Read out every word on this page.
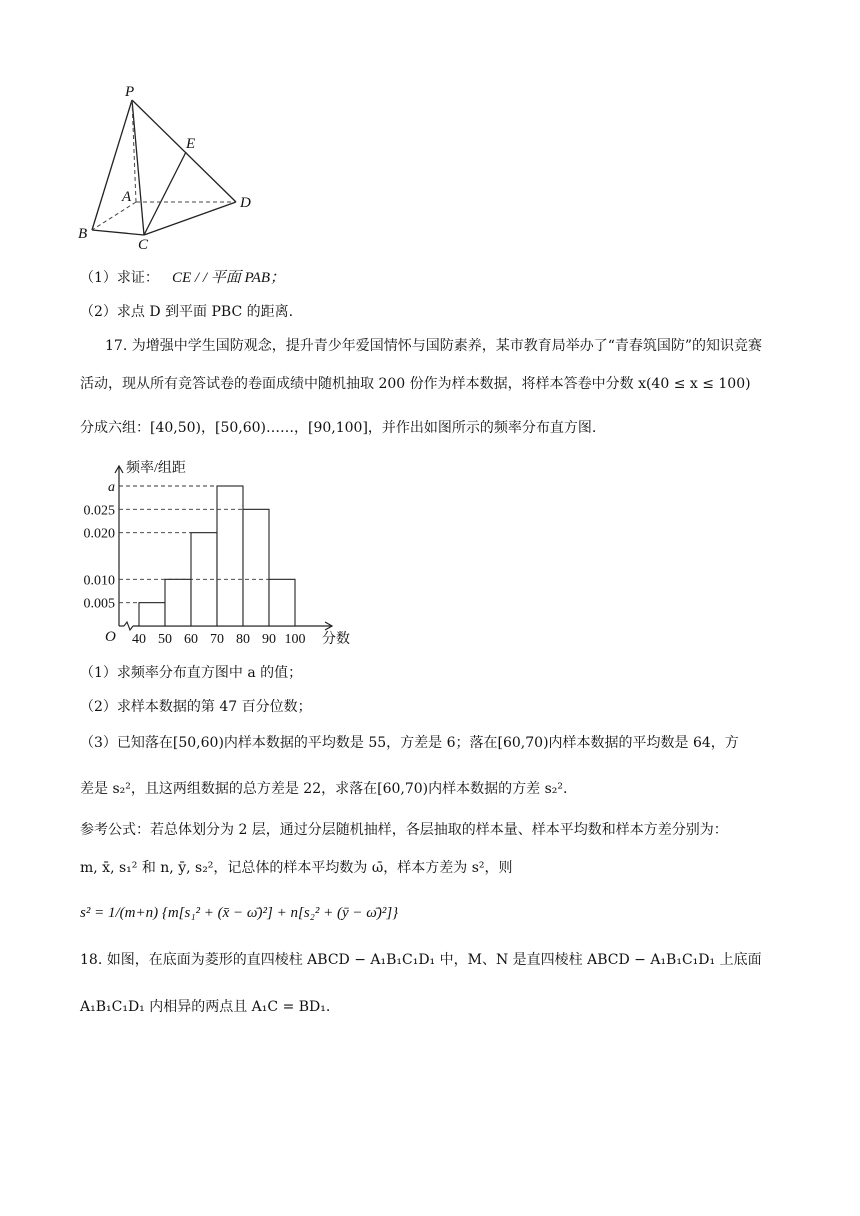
P
E
A	D
B
C
（1）求证： CE / / 平面 PAB；
（2）求点 D 到平面 PBC 的距离.
17. 为增强中学生国防观念，提升青少年爱国情怀与国防素养，某市教育局举办了“青春筑国防”的知识竞赛
活动，现从所有竞答试卷的卷面成绩中随机抽取 200 份作为样本数据，将样本答卷中分数 x(40 ≤ x ≤ 100)
分成六组：[40,50)，[50,60)……，[90,100]，并作出如图所示的频率分布直方图.
a
0.025
0.020
0.010
0.005
40 50 60 70 80 90 100
O
频率/组距
分数
（1）求频率分布直方图中 a 的值；
（2）求样本数据的第 47 百分位数；
（3）已知落在[50,60)内样本数据的平均数是 55，方差是 6；落在[60,70)内样本数据的平均数是 64，方
差是 s₂²，且这两组数据的总方差是 22，求落在[60,70)内样本数据的方差 s₂².
参考公式：若总体划分为 2 层，通过分层随机抽样，各层抽取的样本量、样本平均数和样本方差分别为：
m, x̄, s₁² 和 n, ȳ, s₂²，记总体的样本平均数为 ω̄，样本方差为 s²，则
s² = 1/(m+n) {m[s₁² + (x̄ − ω̄)²] + n[s₂² + (ȳ − ω̄)²]}
18. 如图，在底面为菱形的直四棱柱 ABCD − A₁B₁C₁D₁ 中，M、N 是直四棱柱 ABCD − A₁B₁C₁D₁ 上底面
A₁B₁C₁D₁ 内相异的两点且 A₁C = BD₁.
